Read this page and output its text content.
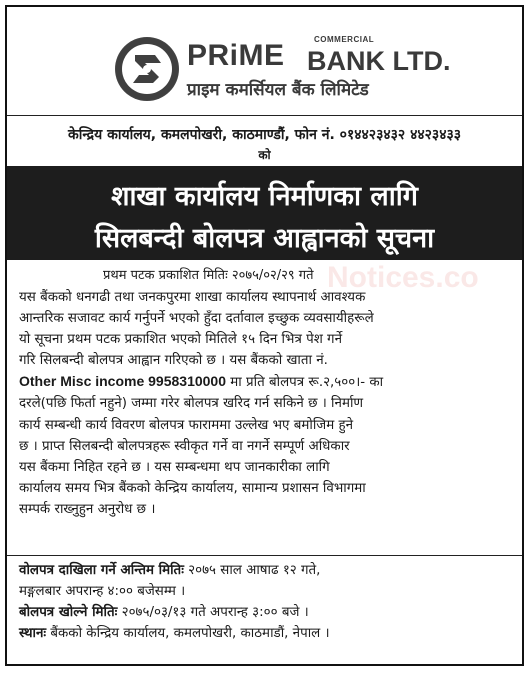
PRiME	COMMERCIAL
BANK LTD.
प्राइम कमर्सियल बैंक लिमिटेड
केन्द्रिय कार्यालय, कमलपोखरी, काठमाण्डौं, फोन नं. ०१४४२३४३२ ४४२३४३३
को
शाखा कार्यालय निर्माणका लागि
सिलबन्दी बोलपत्र आह्वानको सूचना
Notices.co
प्रथम पटक प्रकाशित मितिः २०७५/०२/२९ गते
यस बैंकको धनगढी तथा जनकपुरमा शाखा कार्यालय स्थापनार्थ आवश्यक
आन्तरिक सजावट कार्य गर्नुपर्ने भएको हुँदा दर्तावाल इच्छुक व्यवसायीहरूले
यो सूचना प्रथम पटक प्रकाशित भएको मितिले १५ दिन भित्र पेश गर्ने
गरि सिलबन्दी बोलपत्र आह्वान गरिएको छ । यस बैंकको खाता नं.
Other Misc income 9958310000 मा प्रति बोलपत्र रू.२,५००।- का
दरले(पछि फिर्ता नहुने) जम्मा गरेर बोलपत्र खरिद गर्न सकिने छ । निर्माण
कार्य सम्बन्धी कार्य विवरण बोलपत्र फाराममा उल्लेख भए बमोजिम हुने
छ । प्राप्त सिलबन्दी बोलपत्रहरू स्वीकृत गर्ने वा नगर्ने सम्पूर्ण अधिकार
यस बैंकमा निहित रहने छ । यस सम्बन्धमा थप जानकारीका लागि
कार्यालय समय भित्र बैंकको केन्द्रिय कार्यालय, सामान्य प्रशासन विभागमा
सम्पर्क राख्नुहुन अनुरोध छ ।
वोलपत्र दाखिला गर्ने अन्तिम मितिः २०७५ साल आषाढ १२ गते,
मङ्गलबार अपरान्ह ४:०० बजेसम्म ।
बोलपत्र खोल्ने मितिः २०७५/०३/१३ गते अपरान्ह ३:०० बजे ।
स्थानः बैंकको केन्द्रिय कार्यालय, कमलपोखरी, काठमाडौं, नेपाल ।
